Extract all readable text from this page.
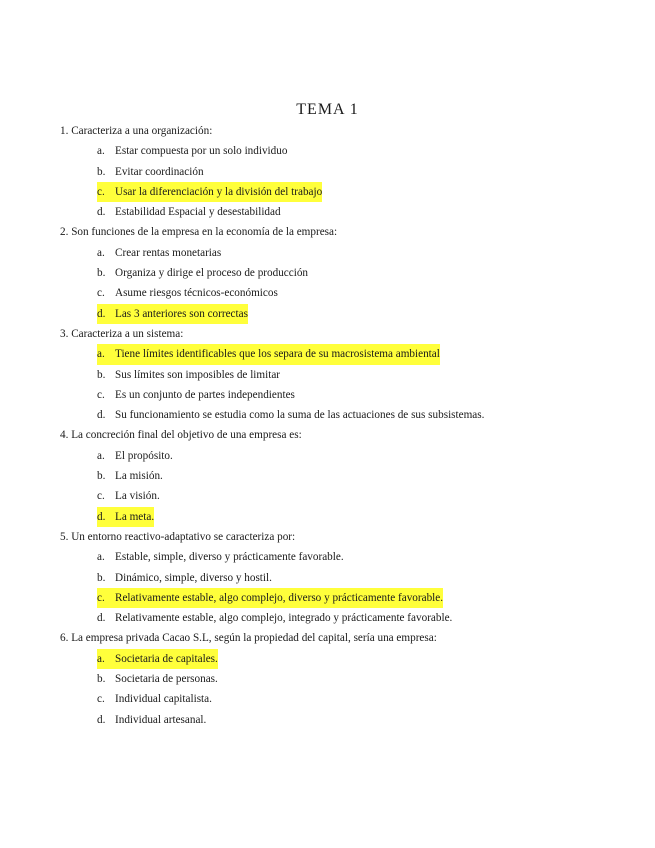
TEMA 1
1. Caracteriza a una organización:
a. Estar compuesta por un solo individuo
b. Evitar coordinación
c. Usar la diferenciación y la división del trabajo
d. Estabilidad Espacial y desestabilidad
2. Son funciones de la empresa en la economía de la empresa:
a. Crear rentas monetarias
b. Organiza y dirige el proceso de producción
c. Asume riesgos técnicos-económicos
d. Las 3 anteriores son correctas
3. Caracteriza a un sistema:
a. Tiene límites identificables que los separa de su macrosistema ambiental
b. Sus límites son imposibles de limitar
c. Es un conjunto de partes independientes
d. Su funcionamiento se estudia como la suma de las actuaciones de sus subsistemas.
4. La concreción final del objetivo de una empresa es:
a. El propósito.
b. La misión.
c. La visión.
d. La meta.
5. Un entorno reactivo-adaptativo se caracteriza por:
a. Estable, simple, diverso y prácticamente favorable.
b. Dinámico, simple, diverso y hostil.
c. Relativamente estable, algo complejo, diverso y prácticamente favorable.
d. Relativamente estable, algo complejo, integrado y prácticamente favorable.
6. La empresa privada Cacao S.L, según la propiedad del capital, sería una empresa:
a. Societaria de capitales.
b. Societaria de personas.
c. Individual capitalista.
d. Individual artesanal.
